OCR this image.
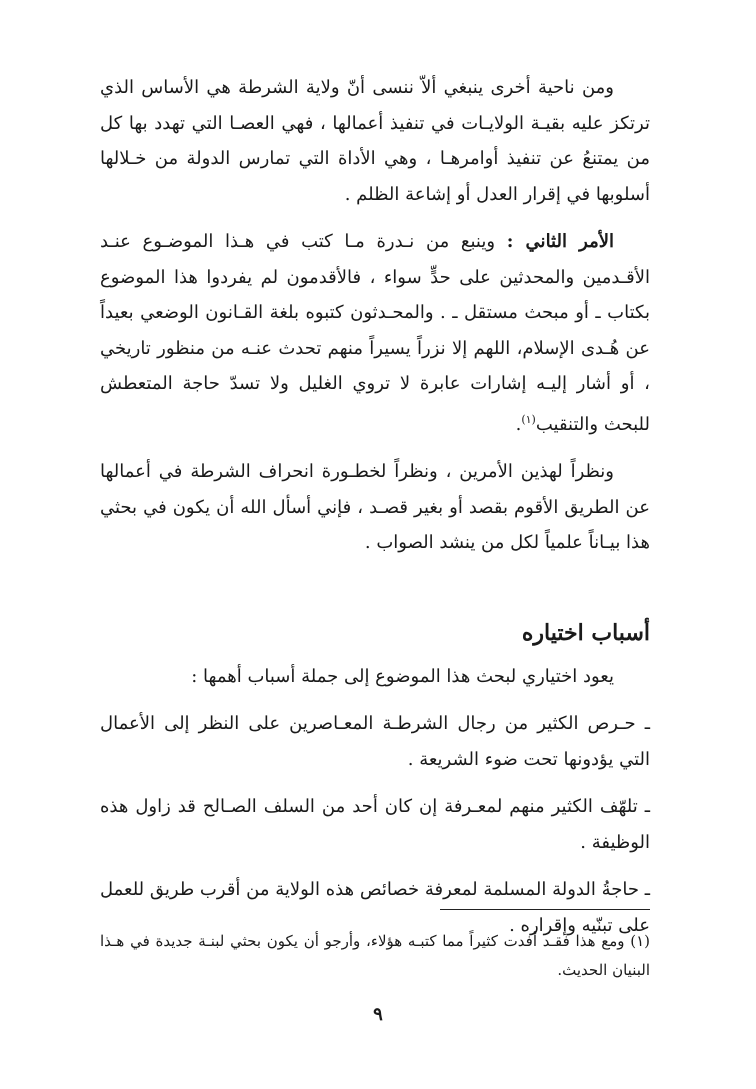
ومن ناحية أخرى ينبغي ألاّ ننسى أنّ ولاية الشرطة هي الأساس الذي ترتكز عليه بقيـة الولايـات في تنفيذ أعمالها ، فهي العصـا التي تهدد بها كل من يمتنعُ عن تنفيذ أوامرهـا ، وهي الأداة التي تمارس الدولة من خـلالها أسلوبها في إقرار العدل أو إشاعة الظلم .

الأمر الثاني : وينبع من نـدرة مـا كتب في هـذا الموضـوع عنـد الأقـدمين والمحدثين على حدٍّ سواء ، فالأقدمون لم يفردوا هذا الموضوع بكتاب ـ أو مبحث مستقل ـ . والمحـدثون كتبوه بلغة القـانون الوضعي بعيداً عن هُـدى الإسلام، اللهم إلا نزراً يسيراً منهم تحدث عنـه من منظور تاريخي ، أو أشار إليـه إشارات عابرة لا تروي الغليل ولا تسدّ حاجة المتعطش للبحث والتنقيب$^{(١)}$.

ونظراً لهذين الأمرين ، ونظراً لخطـورة انحراف الشرطة في أعمالها عن الطريق الأقوم بقصد أو بغير قصـد ، فإني أسأل الله أن يكون في بحثي هذا بيـاناً علمياً لكل من ينشد الصواب .

أسباب اختياره

يعود اختياري لبحث هذا الموضوع إلى جملة أسباب أهمها :

ـ حـرص الكثير من رجال الشرطـة المعـاصرين على النظر إلى الأعمال التي يؤدونها تحت ضوء الشريعة .

ـ تلهّف الكثير منهم لمعـرفة إن كان أحد من السلف الصـالح قد زاول هذه الوظيفة .

ـ حاجةُ الدولة المسلمة لمعرفة خصائص هذه الولاية من أقرب طريق للعمل على تبنّيه وإقراره .

(١) ومع هذا فقـد أفدت كثيراً مما كتبـه هؤلاء، وأرجو أن يكون بحثي لبنـة جديدة في هـذا البنيان الحديث.
٩
